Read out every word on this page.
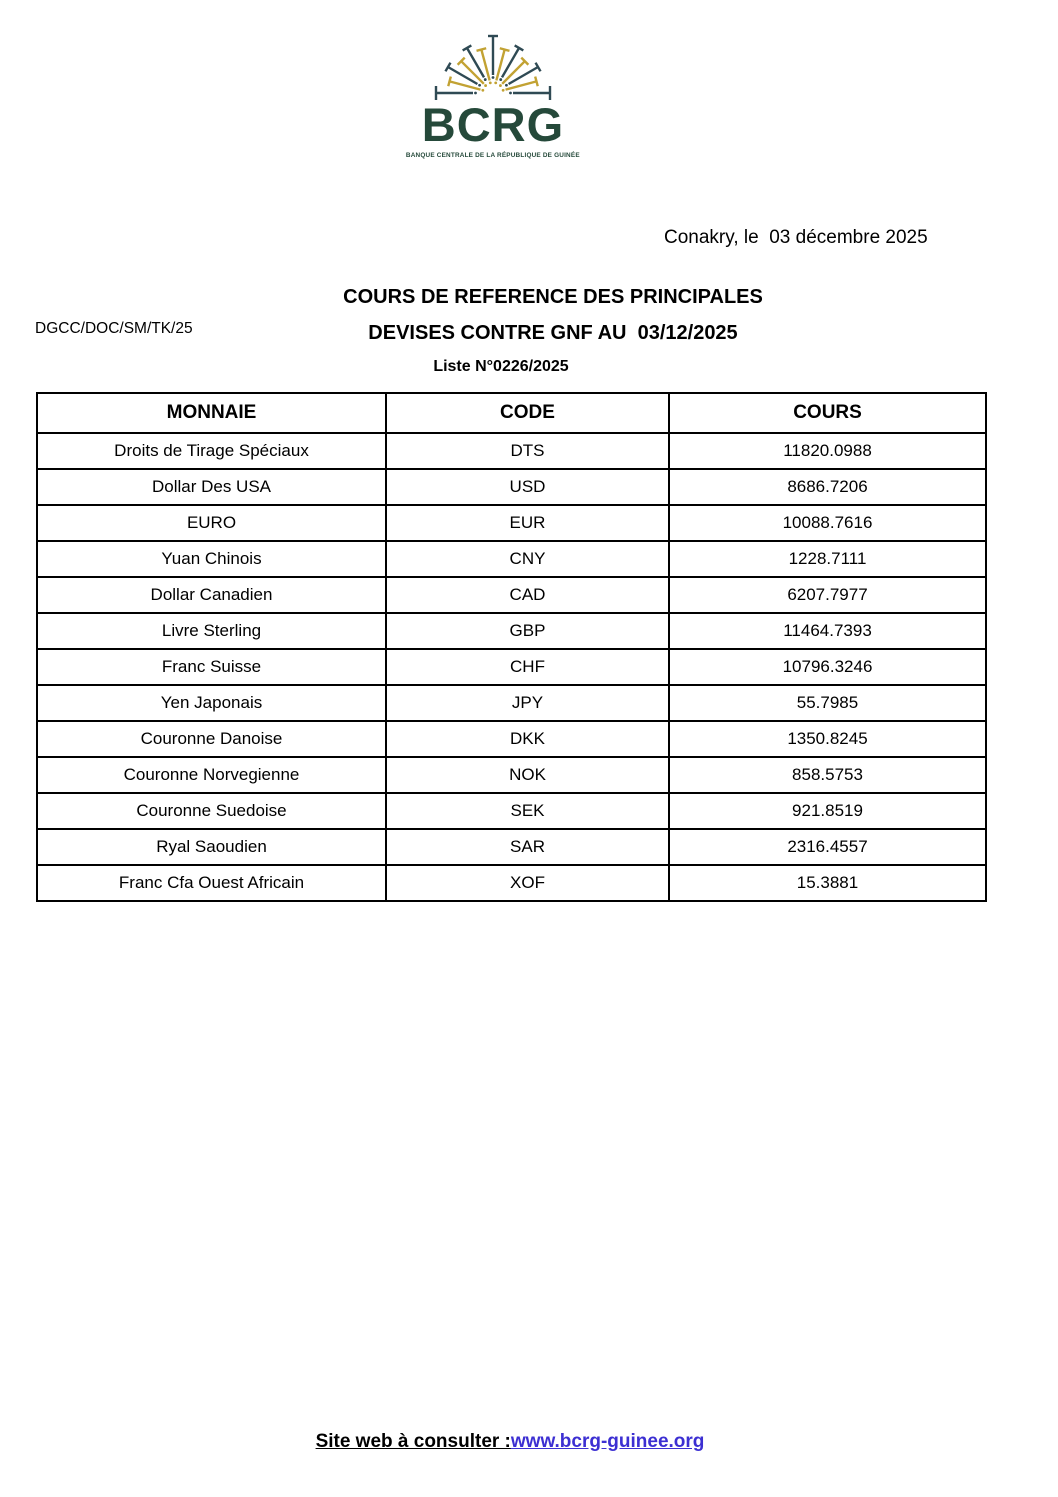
BCRG
BANQUE CENTRALE DE LA RÉPUBLIQUE DE GUINÉE
Conakry, le  03 décembre 2025
COURS DE REFERENCE DES PRINCIPALES
DGCC/DOC/SM/TK/25	DEVISES CONTRE GNF AU  03/12/2025
Liste N°0226/2025
MONNAIE	CODE	COURS
Droits de Tirage Spéciaux	DTS	11820.0988
Dollar Des USA	USD	8686.7206
EURO	EUR	10088.7616
Yuan Chinois	CNY	1228.7111
Dollar Canadien	CAD	6207.7977
Livre Sterling	GBP	11464.7393
Franc Suisse	CHF	10796.3246
Yen Japonais	JPY	55.7985
Couronne Danoise	DKK	1350.8245
Couronne Norvegienne	NOK	858.5753
Couronne Suedoise	SEK	921.8519
Ryal Saoudien	SAR	2316.4557
Franc Cfa Ouest Africain	XOF	15.3881
Site web à consulter :www.bcrg-guinee.org
